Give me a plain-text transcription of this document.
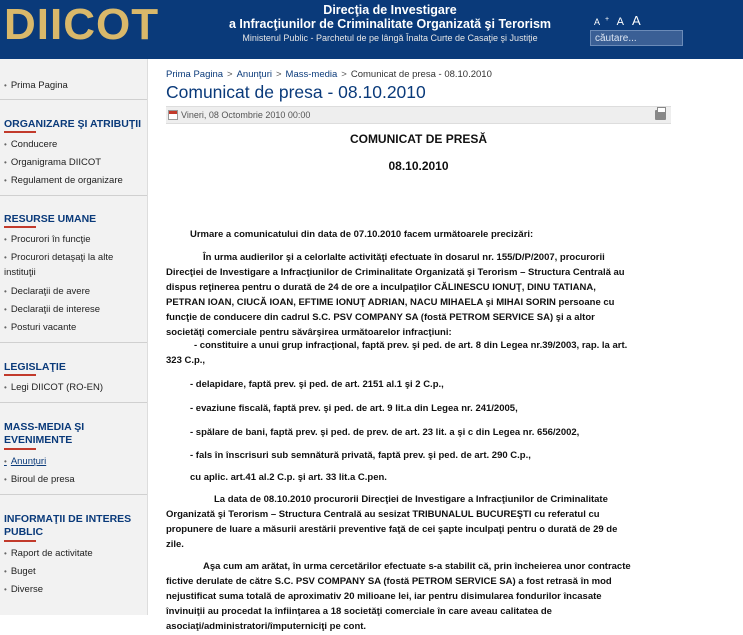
DIICOT	Direcţia de Investigare
a Infracţiunilor de Criminalitate Organizată şi Terorism
Ministerul Public - Parchetul de pe lângă Înalta Curte de Casaţie şi Justiţie
A + A A
căutare...
• Prima Pagina
ORGANIZARE ŞI ATRIBUŢII
• Conducere
• Organigrama DIICOT
• Regulament de organizare
RESURSE UMANE
• Procurori în funcţie
• Procurori detaşaţi la alte
instituţii
• Declaraţii de avere
• Declaraţii de interese
• Posturi vacante
LEGISLAŢIE
• Legi DIICOT (RO-EN)
MASS-MEDIA ŞI
EVENIMENTE
• Anunţuri
• Biroul de presa
INFORMAŢII DE INTERES
PUBLIC
• Raport de activitate
• Buget
• Diverse
Prima Pagina > Anunţuri > Mass-media > Comunicat de presa - 08.10.2010
Comunicat de presa - 08.10.2010
Vineri, 08 Octombrie 2010 00:00
COMUNICAT DE PRESĂ
08.10.2010
Urmare a comunicatului din data de 07.10.2010 facem următoarele precizări:
În urma audierilor şi a celorlalte activităţi efectuate în dosarul nr. 155/D/P/2007, procurorii
Direcţiei de Investigare a Infracţiunilor de Criminalitate Organizată şi Terorism – Structura Centrală au
dispus reţinerea pentru o durată de 24 de ore a inculpaţilor CĂLINESCU IONUŢ, DINU TATIANA,
PETRAN IOAN, CIUCĂ IOAN, EFTIME IONUŢ ADRIAN, NACU MIHAELA şi MIHAI SORIN persoane cu
funcţie de conducere din cadrul S.C. PSV COMPANY SA (fostă PETROM SERVICE SA) şi a altor
societăţi comerciale pentru săvârşirea următoarelor infracţiuni:
- constituire a unui grup infracţional, faptă prev. şi ped. de art. 8 din Legea nr.39/2003, rap. la art.
323 C.p.,
- delapidare, faptă prev. şi ped. de art. 2151 al.1 şi 2 C.p.,
- evaziune fiscală, faptă prev. şi ped. de art. 9 lit.a din Legea nr. 241/2005,
- spălare de bani, faptă prev. şi ped. de prev. de art. 23 lit. a şi c din Legea nr. 656/2002,
- fals în înscrisuri sub semnătură privată, faptă prev. şi ped. de art. 290 C.p.,
cu aplic. art.41 al.2 C.p. şi art. 33 lit.a C.pen.
La data de 08.10.2010 procurorii Direcţiei de Investigare a Infracţiunilor de Criminalitate
Organizată şi Terorism – Structura Centrală au sesizat TRIBUNALUL BUCUREŞTI cu referatul cu
propunere de luare a măsurii arestării preventive faţă de cei şapte inculpaţi pentru o durată de 29 de
zile.
Aşa cum am arătat, în urma cercetărilor efectuate s-a stabilit că, prin încheierea unor contracte
fictive derulate de către S.C. PSV COMPANY SA (fostă PETROM SERVICE SA) a fost retrasă în mod
nejustificat suma totală de aproximativ 20 milioane lei, iar pentru disimularea fondurilor încasate
învinuiţii au procedat la înfiinţarea a 18 societăţi comerciale în care aveau calitatea de
asociaţi/administratori/împuterniciţi pe cont.
